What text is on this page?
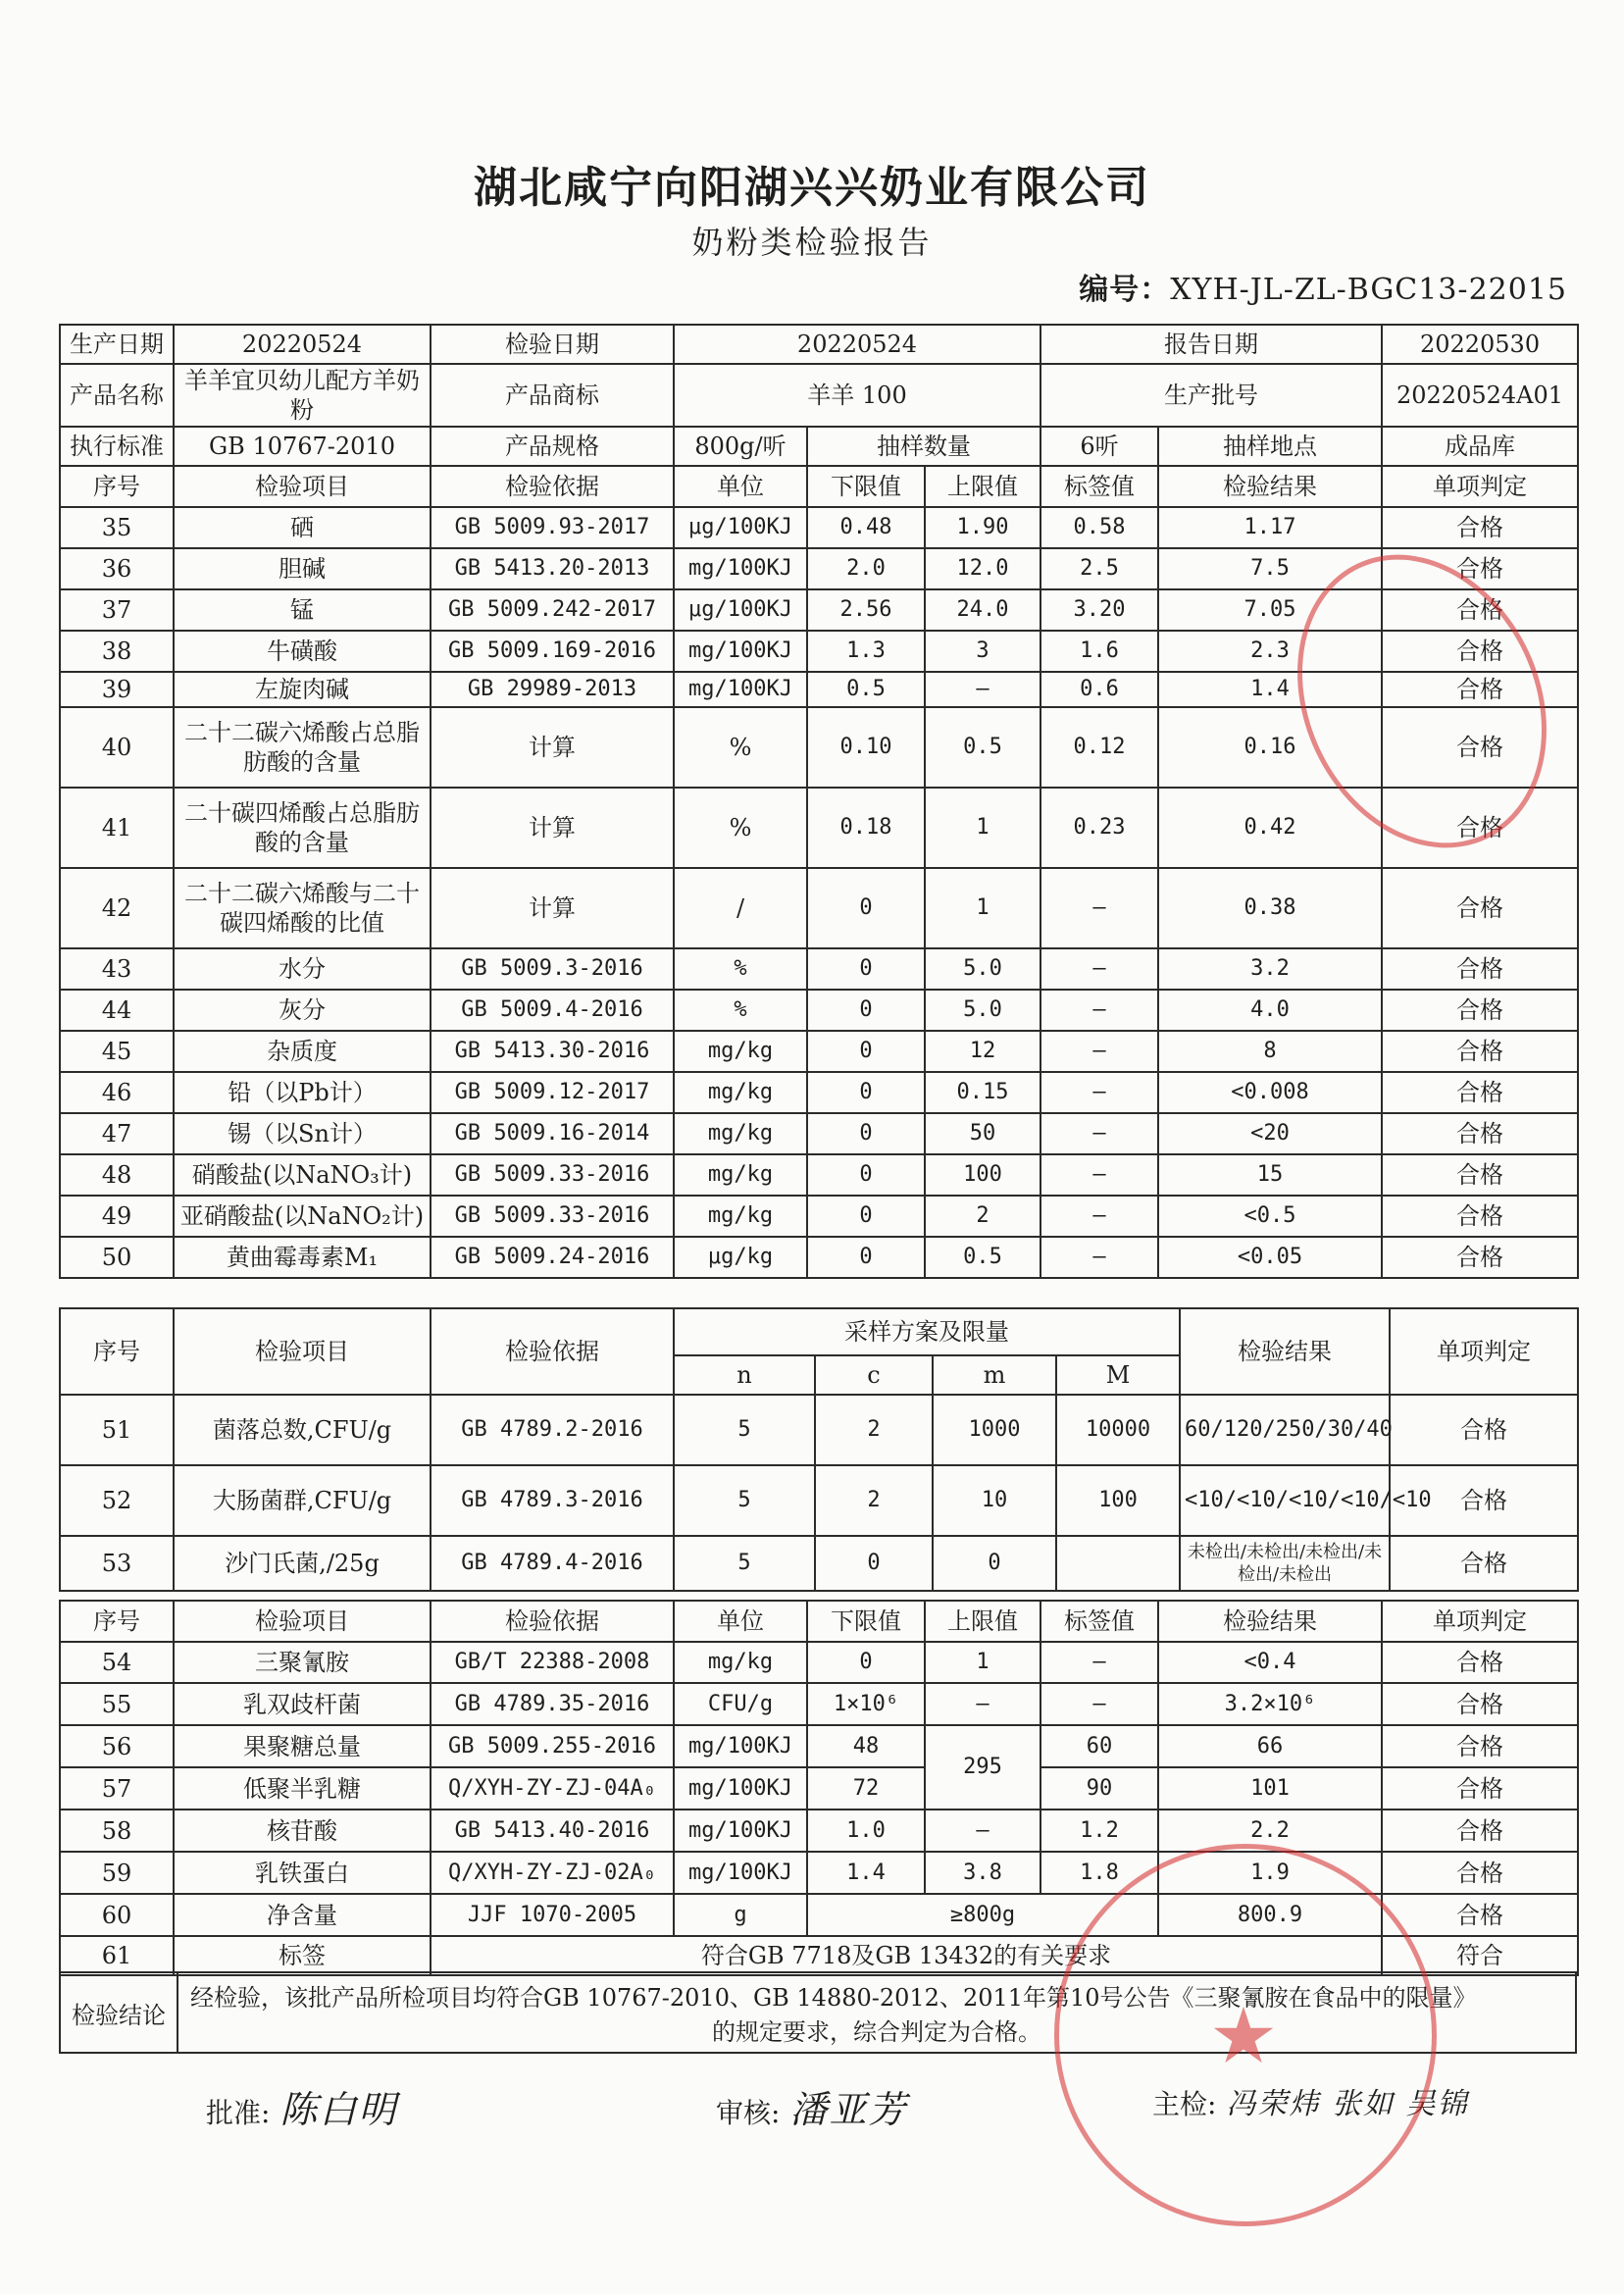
湖北咸宁向阳湖兴兴奶业有限公司
奶粉类检验报告
编号：XYH-JL-ZL-BGC13-22015
生产日期	20220524	检验日期	20220524			报告日期		20220530
产品名称	羊羊宜贝幼儿配方羊奶粉	产品商标	羊羊 100			生产批号		20220524A01
执行标准	GB 10767-2010	产品规格	800g/听	抽样数量		6听	抽样地点	成品库
序号	检验项目	检验依据	单位	下限值	上限值	标签值	检验结果	单项判定
35	硒	GB 5009.93-2017	μg/100KJ	0.48	1.90	0.58	1.17	合格
36	胆碱	GB 5413.20-2013	mg/100KJ	2.0	12.0	2.5	7.5	合格
37	锰	GB 5009.242-2017	μg/100KJ	2.56	24.0	3.20	7.05	合格
38	牛磺酸	GB 5009.169-2016	mg/100KJ	1.3	3	1.6	2.3	合格
39	左旋肉碱	GB 29989-2013	mg/100KJ	0.5	–	0.6	1.4	合格
40	二十二碳六烯酸占总脂肪酸的含量	计算	%	0.10	0.5	0.12	0.16	合格
41	二十碳四烯酸占总脂肪酸的含量	计算	%	0.18	1	0.23	0.42	合格
42	二十二碳六烯酸与二十碳四烯酸的比值	计算	/	0	1	–	0.38	合格
43	水分	GB 5009.3-2016	%	0	5.0	–	3.2	合格
44	灰分	GB 5009.4-2016	%	0	5.0	–	4.0	合格
45	杂质度	GB 5413.30-2016	mg/kg	0	12	–	8	合格
46	铅（以Pb计）	GB 5009.12-2017	mg/kg	0	0.15	–	<0.008	合格
47	锡（以Sn计）	GB 5009.16-2014	mg/kg	0	50	–	<20	合格
48	硝酸盐(以NaNO₃计)	GB 5009.33-2016	mg/kg	0	100	–	15	合格
49	亚硝酸盐(以NaNO₂计)	GB 5009.33-2016	mg/kg	0	2	–	<0.5	合格
50	黄曲霉毒素M₁	GB 5009.24-2016	μg/kg	0	0.5	–	<0.05	合格
序号	检验项目	检验依据	采样方案及限量				检验结果	单项判定
			n	c	m	M		
51	菌落总数,CFU/g	GB 4789.2-2016	5	2	1000	10000	60/120/250/30/40	合格
52	大肠菌群,CFU/g	GB 4789.3-2016	5	2	10	100	<10/<10/<10/<10/<10	合格
53	沙门氏菌,/25g	GB 4789.4-2016	5	0	0		未检出/未检出/未检出/未检出/未检出	合格
序号	检验项目	检验依据	单位	下限值	上限值	标签值	检验结果	单项判定
54	三聚氰胺	GB/T 22388-2008	mg/kg	0	1	–	<0.4	合格
55	乳双歧杆菌	GB 4789.35-2016	CFU/g	1×10⁶	–	–	3.2×10⁶	合格
56	果聚糖总量	GB 5009.255-2016	mg/100KJ	48	295	60	66	合格
57	低聚半乳糖	Q/XYH-ZY-ZJ-04A₀	mg/100KJ	72		90	101	合格
58	核苷酸	GB 5413.40-2016	mg/100KJ	1.0	–	1.2	2.2	合格
59	乳铁蛋白	Q/XYH-ZY-ZJ-02A₀	mg/100KJ	1.4	3.8	1.8	1.9	合格
60	净含量	JJF 1070-2005	g	≥800g			800.9	合格
61	标签	符合GB 7718及GB 13432的有关要求						符合
检验结论
经检验，该批产品所检项目均符合GB 10767-2010、GB 14880-2012、2011年第10号公告《三聚氰胺在食品中的限量》
的规定要求，综合判定为合格。
批准: 陈白明	审核: 潘亚芳	主检: 冯荣炜 张如 吴锦
★
